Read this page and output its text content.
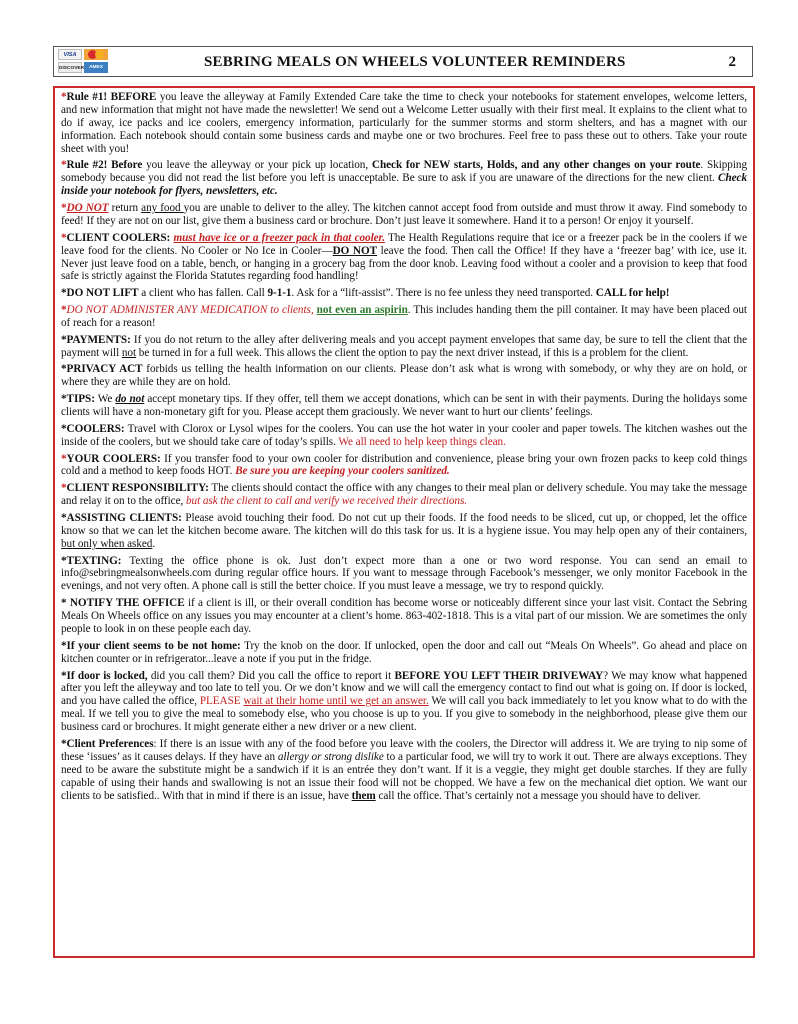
VISA
DISCOVER	AMEX	SEBRING MEALS ON WHEELS VOLUNTEER REMINDERS	2

*Rule #1! BEFORE you leave the alleyway at Family Extended Care take the time to check your notebooks for statement envelopes, welcome letters, and new information that might not have made the newsletter! We send out a Welcome Letter usually with their first meal. It explains to the client what to do if away, ice packs and ice coolers, emergency information, particularly for the summer storms and storm shelters, and has a magnet with our information. Each notebook should contain some business cards and maybe one or two brochures. Feel free to pass these out to others. Take your route sheet with you!

*Rule #2! Before you leave the alleyway or your pick up location, Check for NEW starts, Holds, and any other changes on your route. Skipping somebody because you did not read the list before you left is unacceptable. Be sure to ask if you are unaware of the directions for the new client. Check inside your notebook for flyers, newsletters, etc.

*DO NOT return any food you are unable to deliver to the alley. The kitchen cannot accept food from outside and must throw it away. Find somebody to feed! If they are not on our list, give them a business card or brochure. Don’t just leave it somewhere. Hand it to a person! Or enjoy it yourself.

*CLIENT COOLERS: must have ice or a freezer pack in that cooler. The Health Regulations require that ice or a freezer pack be in the coolers if we leave food for the clients. No Cooler or No Ice in Cooler—DO NOT leave the food. Then call the Office! If they have a ‘freezer bag’ with ice, use it. Never just leave food on a table, bench, or hanging in a grocery bag from the door knob. Leaving food without a cooler and a provision to keep that food safe is strictly against the Florida Statutes regarding food handling!

*DO NOT LIFT a client who has fallen. Call 9-1-1. Ask for a “lift-assist”. There is no fee unless they need transported. CALL for help!

*DO NOT ADMINISTER ANY MEDICATION to clients, not even an aspirin. This includes handing them the pill container. It may have been placed out of reach for a reason!

*PAYMENTS: If you do not return to the alley after delivering meals and you accept payment envelopes that same day, be sure to tell the client that the payment will not be turned in for a full week. This allows the client the option to pay the next driver instead, if this is a problem for the client.

*PRIVACY ACT forbids us telling the health information on our clients. Please don’t ask what is wrong with somebody, or why they are on hold, or where they are while they are on hold.

*TIPS: We do not accept monetary tips. If they offer, tell them we accept donations, which can be sent in with their payments. During the holidays some clients will have a non-monetary gift for you. Please accept them graciously. We never want to hurt our clients’ feelings.

*COOLERS: Travel with Clorox or Lysol wipes for the coolers. You can use the hot water in your cooler and paper towels. The kitchen washes out the inside of the coolers, but we should take care of today’s spills. We all need to help keep things clean.

*YOUR COOLERS: If you transfer food to your own cooler for distribution and convenience, please bring your own frozen packs to keep cold things cold and a method to keep foods HOT. Be sure you are keeping your coolers sanitized.

*CLIENT RESPONSIBILITY: The clients should contact the office with any changes to their meal plan or delivery schedule. You may take the message and relay it on to the office, but ask the client to call and verify we received their directions.

*ASSISTING CLIENTS: Please avoid touching their food. Do not cut up their foods. If the food needs to be sliced, cut up, or chopped, let the office know so that we can let the kitchen become aware. The kitchen will do this task for us. It is a hygiene issue. You may help open any of their containers, but only when asked.

*TEXTING: Texting the office phone is ok. Just don’t expect more than a one or two word response. You can send an email to info@sebringmealsonwheels.com during regular office hours. If you want to message through Facebook’s messenger, we only monitor Facebook in the evenings, and not very often. A phone call is still the better choice. If you must leave a message, we try to respond quickly.

* NOTIFY THE OFFICE if a client is ill, or their overall condition has become worse or noticeably different since your last visit. Contact the Sebring Meals On Wheels office on any issues you may encounter at a client’s home. 863-402-1818. This is a vital part of our mission. We are sometimes the only people to look in on these people each day.

*If your client seems to be not home: Try the knob on the door. If unlocked, open the door and call out “Meals On Wheels”. Go ahead and place on kitchen counter or in refrigerator...leave a note if you put in the fridge.

*If door is locked, did you call them? Did you call the office to report it BEFORE YOU LEFT THEIR DRIVEWAY? We may know what happened after you left the alleyway and too late to tell you. Or we don’t know and we will call the emergency contact to find out what is going on. If door is locked, and you have called the office, PLEASE wait at their home until we get an answer. We will call you back immediately to let you know what to do with the meal. If we tell you to give the meal to somebody else, who you choose is up to you. If you give to somebody in the neighborhood, please give them our business card or brochures. It might generate either a new driver or a new client.

*Client Preferences: If there is an issue with any of the food before you leave with the coolers, the Director will address it. We are trying to nip some of these ‘issues’ as it causes delays. If they have an allergy or strong dislike to a particular food, we will try to work it out. There are always exceptions. They need to be aware the substitute might be a sandwich if it is an entrée they don’t want. If it is a veggie, they might get double starches. If they are fully capable of using their hands and swallowing is not an issue their food will not be chopped. We have a few on the mechanical diet option. We want our clients to be satisfied.. With that in mind if there is an issue, have them call the office. That’s certainly not a message you should have to deliver.
